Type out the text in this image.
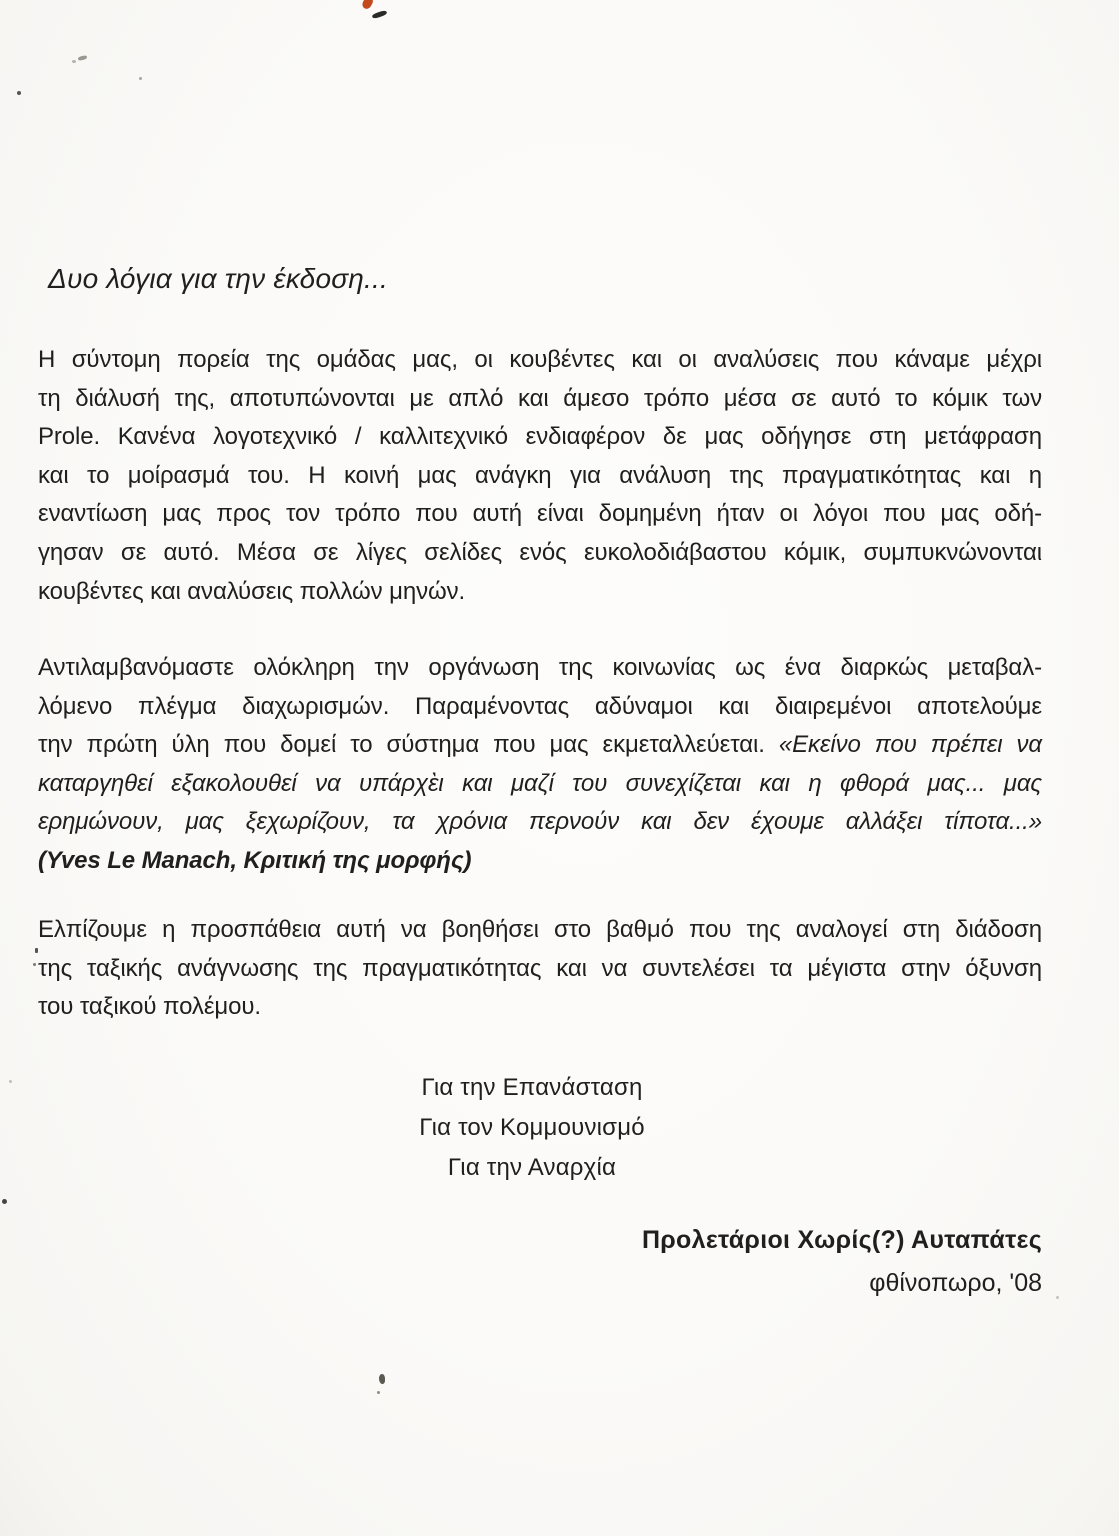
Δυο λόγια για την έκδοση...
Η σύντομη πορεία της ομάδας μας, οι κουβέντες και οι αναλύσεις που κάναμε μέχρι
τη διάλυσή της, αποτυπώνονται με απλό και άμεσο τρόπο μέσα σε αυτό το κόμικ των
Prole. Κανένα λογοτεχνικό / καλλιτεχνικό ενδιαφέρον δε μας οδήγησε στη μετάφραση
και το μοίρασμά του. Η κοινή μας ανάγκη για ανάλυση της πραγματικότητας και η
εναντίωση μας προς τον τρόπο που αυτή είναι δομημένη ήταν οι λόγοι που μας οδή-
γησαν σε αυτό. Μέσα σε λίγες σελίδες ενός ευκολοδιάβαστου κόμικ, συμπυκνώνονται
κουβέντες και αναλύσεις πολλών μηνών.
Αντιλαμβανόμαστε ολόκληρη την οργάνωση της κοινωνίας ως ένα διαρκώς μεταβαλ-
λόμενο πλέγμα διαχωρισμών. Παραμένοντας αδύναμοι και διαιρεμένοι αποτελούμε
την πρώτη ύλη που δομεί το σύστημα που μας εκμεταλλεύεται. «Εκείνο που πρέπει να
καταργηθεί εξακολουθεί να υπάρχὲι και μαζί του συνεχίζεται και η φθορά μας... μας
ερημώνουν, μας ξεχωρίζουν, τα χρόνια περνούν και δεν έχουμε αλλάξει τίποτα...»
(Yves Le Manach, Κριτική της μορφής)
Ελπίζουμε η προσπάθεια αυτή να βοηθήσει στο βαθμό που της αναλογεί στη διάδοση
της ταξικής ανάγνωσης της πραγματικότητας και να συντελέσει τα μέγιστα στην όξυνση
του ταξικού πολέμου.
Για την Επανάσταση
Για τον Κομμουνισμό
Για την Αναρχία
Προλετάριοι Χωρίς(?) Αυταπάτες
φθίνοπωρο, '08
